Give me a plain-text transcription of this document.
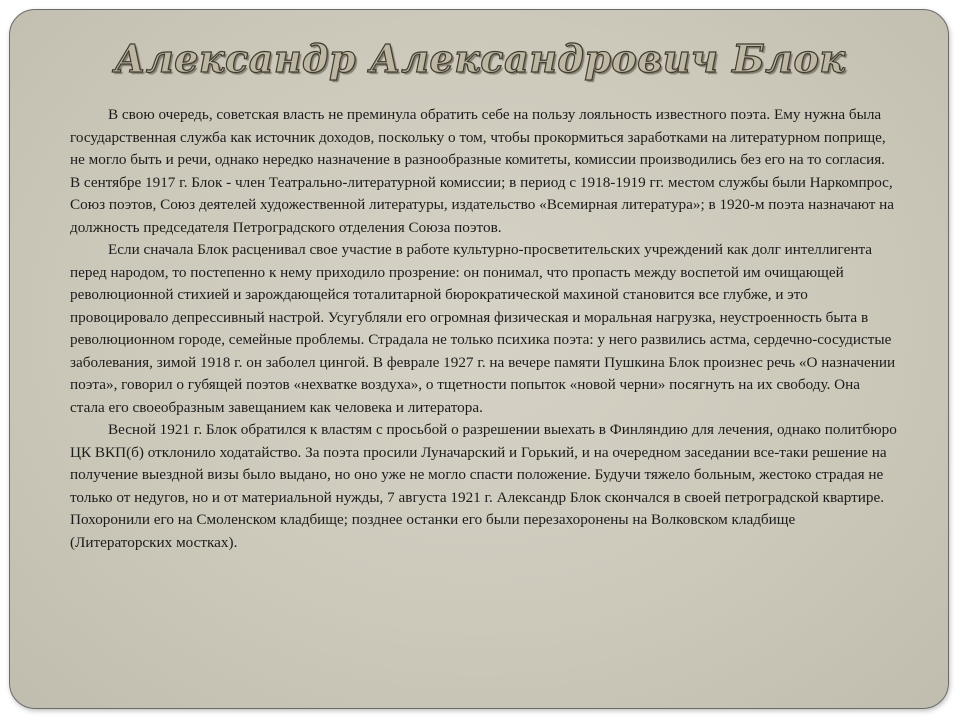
Александр Александрович Блок

В свою очередь, советская власть не преминула обратить себе на пользу лояльность известного поэта. Ему нужна была государственная служба как источник доходов, поскольку о том, чтобы прокормиться заработками на литературном поприще, не могло быть и речи, однако нередко назначение в разнообразные комитеты, комиссии производились без его на то согласия. В сентябре 1917 г. Блок - член Театрально-литературной комиссии; в период с 1918-1919 гг. местом службы были Наркомпрос, Союз поэтов, Союз деятелей художественной литературы, издательство «Всемирная литература»; в 1920-м поэта назначают на должность председателя Петроградского отделения Союза поэтов.

Если сначала Блок расценивал свое участие в работе культурно-просветительских учреждений как долг интеллигента перед народом, то постепенно к нему приходило прозрение: он понимал, что пропасть между воспетой им очищающей революционной стихией и зарождающейся тоталитарной бюрократической махиной становится все глубже, и это провоцировало депрессивный настрой. Усугубляли его огромная физическая и моральная нагрузка, неустроенность быта в революционном городе, семейные проблемы. Страдала не только психика поэта: у него развились астма, сердечно-сосудистые заболевания, зимой 1918 г. он заболел цингой. В феврале 1927 г. на вечере памяти Пушкина Блок произнес речь «О назначении поэта», говорил о губящей поэтов «нехватке воздуха», о тщетности попыток «новой черни» посягнуть на их свободу. Она стала его своеобразным завещанием как человека и литератора.

Весной 1921 г. Блок обратился к властям с просьбой о разрешении выехать в Финляндию для лечения, однако политбюро ЦК ВКП(б) отклонило ходатайство. За поэта просили Луначарский и Горький, и на очередном заседании все-таки решение на получение выездной визы было выдано, но оно уже не могло спасти положение. Будучи тяжело больным, жестоко страдая не только от недугов, но и от материальной нужды, 7 августа 1921 г. Александр Блок скончался в своей петроградской квартире. Похоронили его на Смоленском кладбище; позднее останки его были перезахоронены на Волковском кладбище (Литераторских мостках).
